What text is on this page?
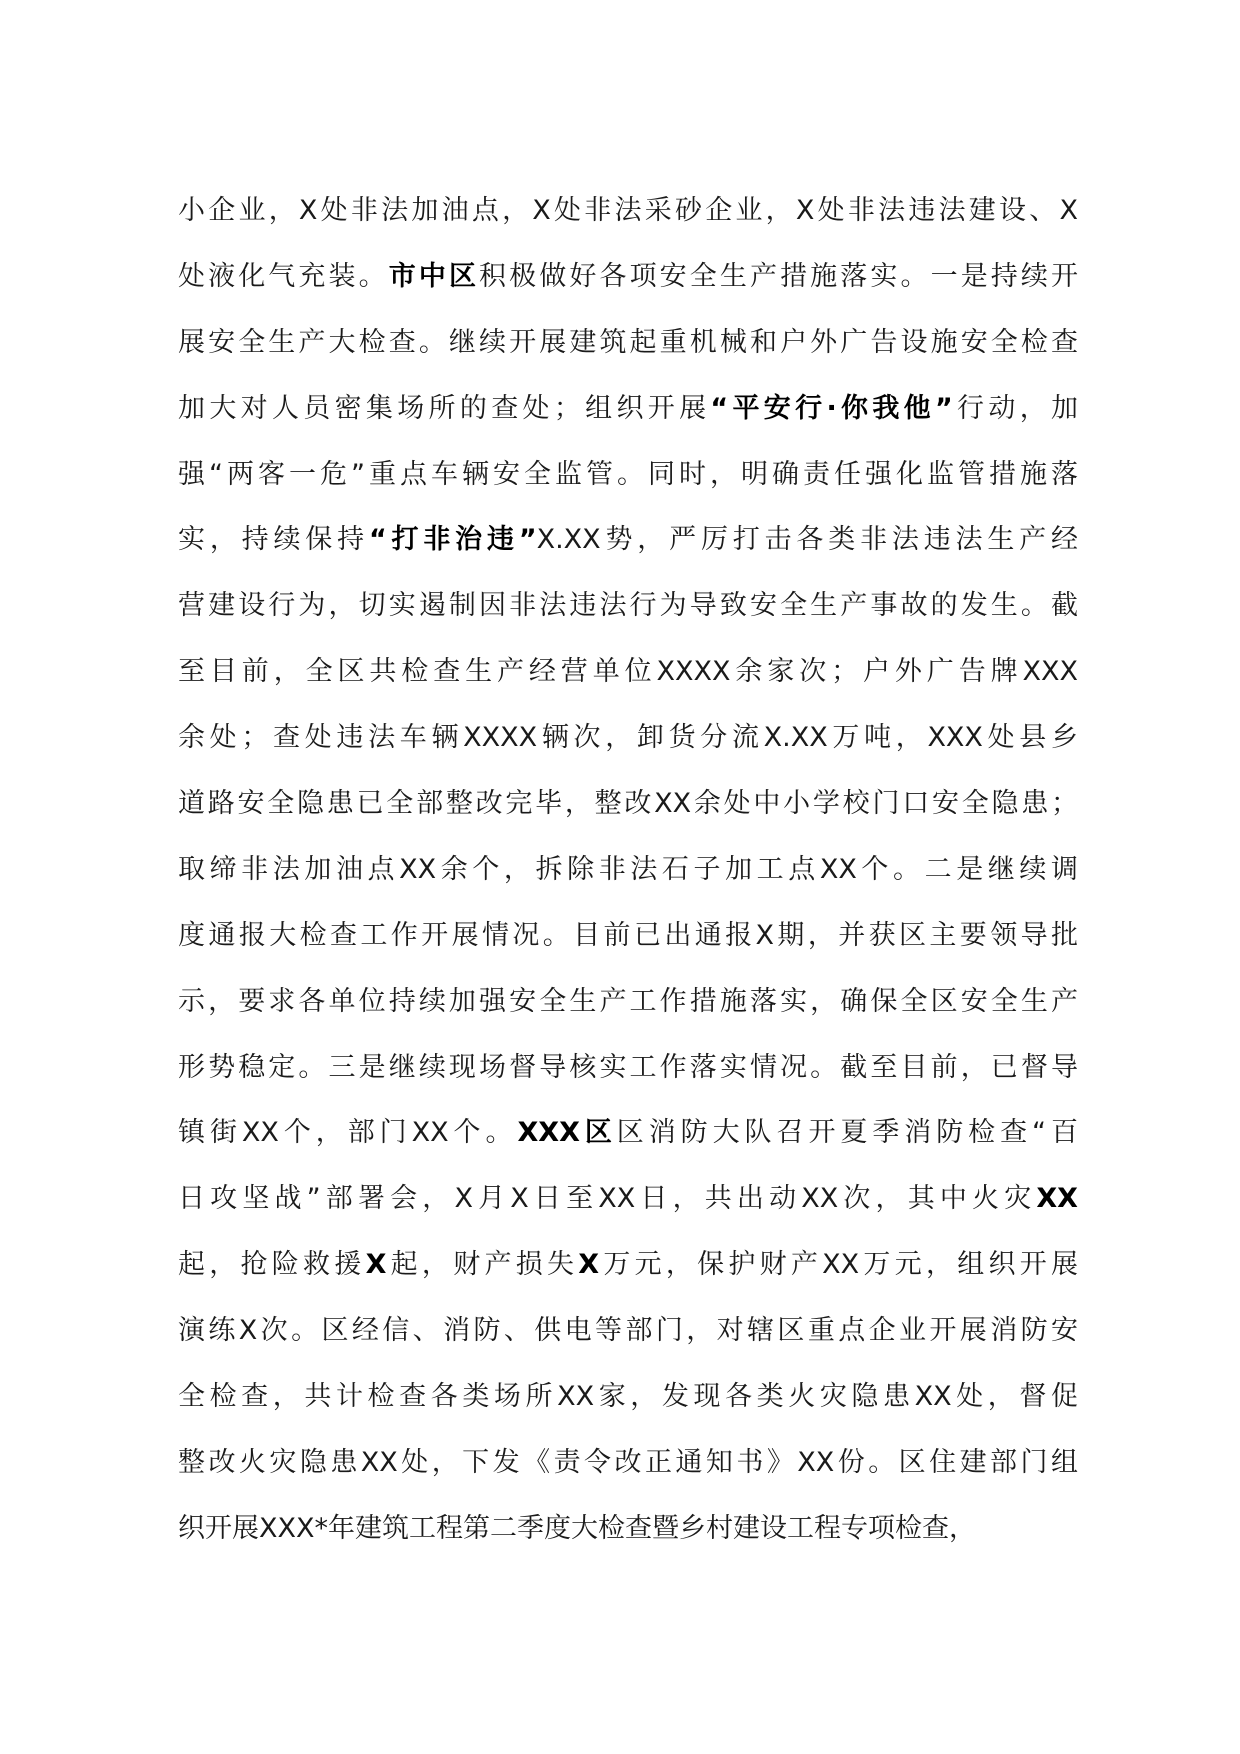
小企业，X处非法加油点，X处非法采砂企业，X处非法违法建设、X
处液化气充装。市中区积极做好各项安全生产措施落实。一是持续开
展安全生产大检查。继续开展建筑起重机械和户外广告设施安全检查
加大对人员密集场所的查处；组织开展“平安行·你我他”行动，加
强“两客一危”重点车辆安全监管。同时，明确责任强化监管措施落
实，持续保持“打非治违”X.XX势，严厉打击各类非法违法生产经
营建设行为，切实遏制因非法违法行为导致安全生产事故的发生。截
至目前，全区共检查生产经营单位XXXX余家次；户外广告牌XXX
余处；查处违法车辆XXXX辆次，卸货分流X.XX万吨，XXX处县乡
道路安全隐患已全部整改完毕，整改XX余处中小学校门口安全隐患；
取缔非法加油点XX余个，拆除非法石子加工点XX个。二是继续调
度通报大检查工作开展情况。目前已出通报X期，并获区主要领导批
示，要求各单位持续加强安全生产工作措施落实，确保全区安全生产
形势稳定。三是继续现场督导核实工作落实情况。截至目前，已督导
镇街XX个，部门XX个。XXX区区消防大队召开夏季消防检查“百
日攻坚战”部署会，X月X日至XX日，共出动XX次，其中火灾XX
起，抢险救援X起，财产损失X万元，保护财产XX万元，组织开展
演练X次。区经信、消防、供电等部门，对辖区重点企业开展消防安
全检查，共计检查各类场所XX家，发现各类火灾隐患XX处，督促
整改火灾隐患XX处，下发《责令改正通知书》XX份。区住建部门组
织开展XXX*年建筑工程第二季度大检查暨乡村建设工程专项检查，
